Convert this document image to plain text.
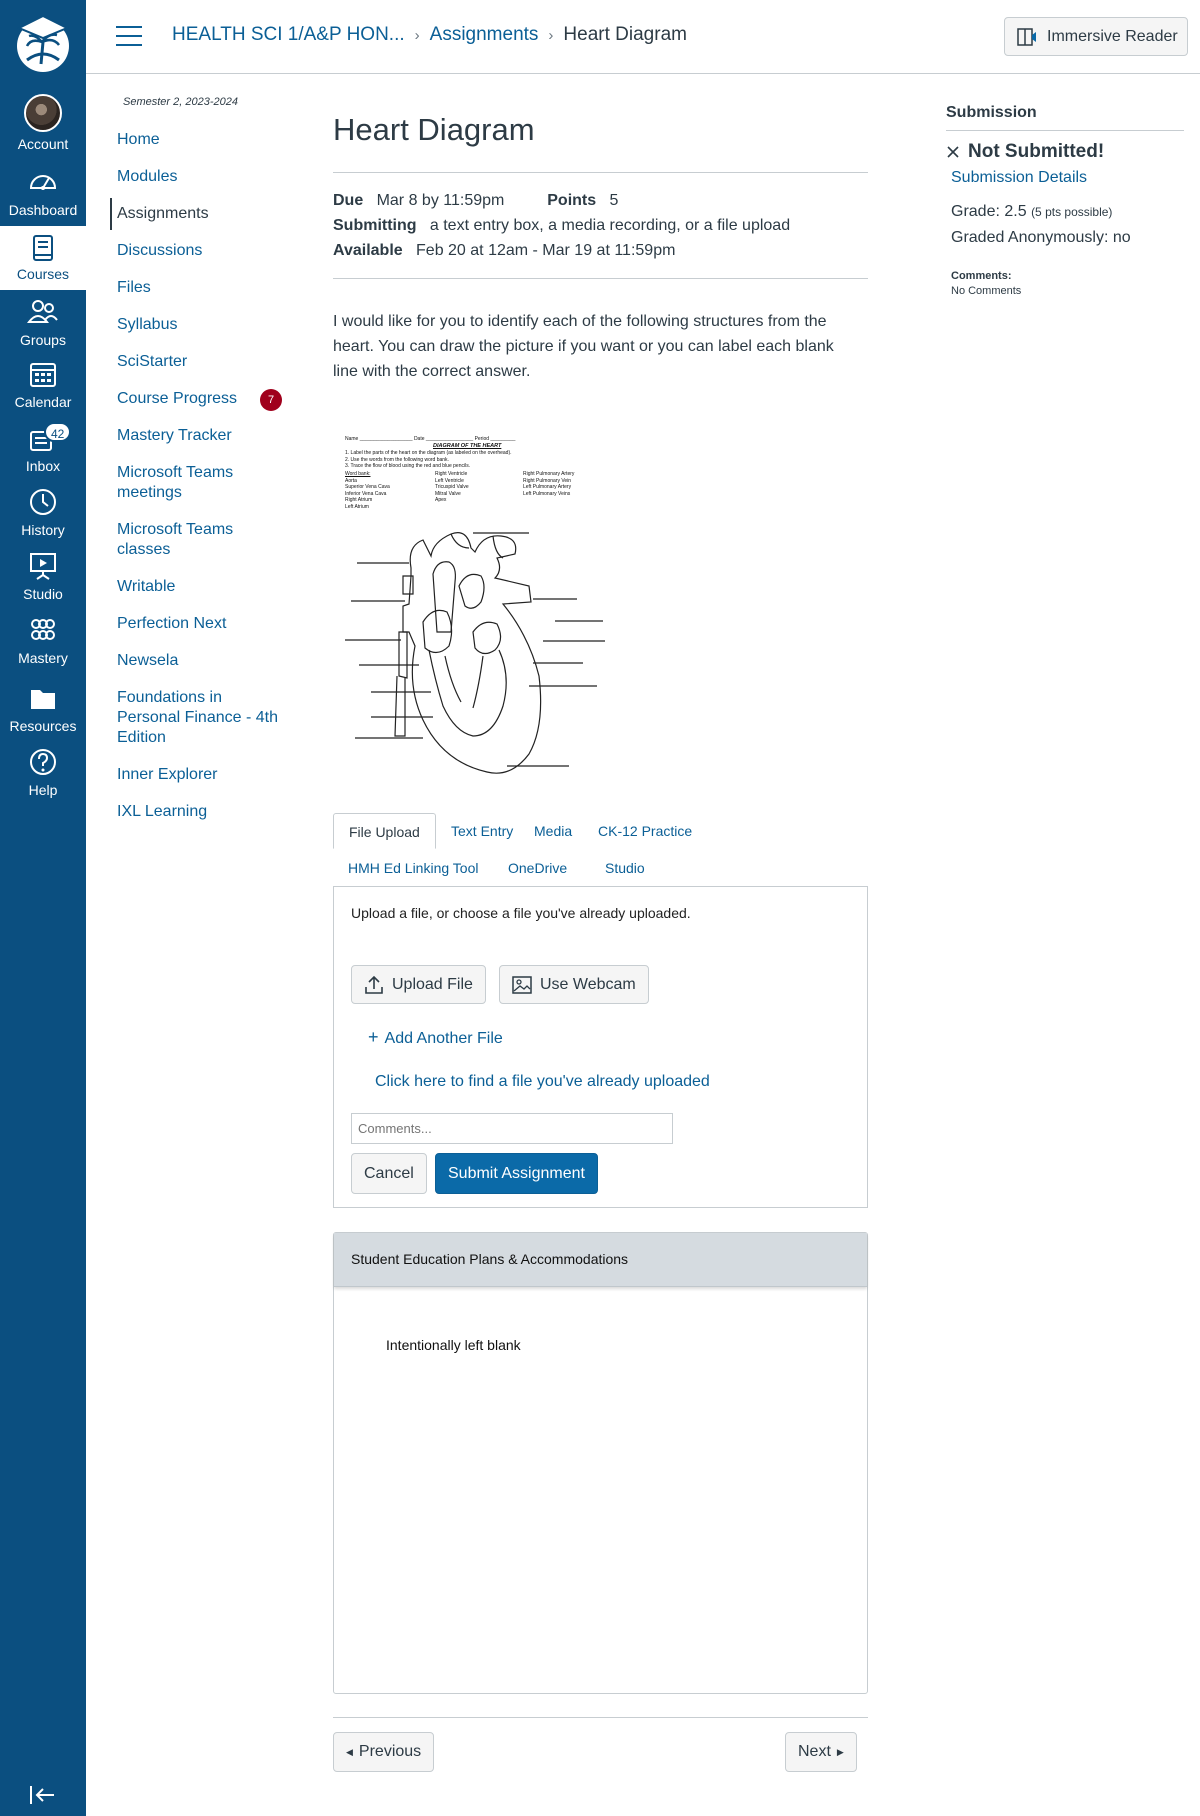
Account
Dashboard
Courses
Groups
Calendar
42
Inbox
History
Studio
Mastery
Resources
Help
HEALTH SCI 1/A&P HON... › Assignments › Heart Diagram	Immersive Reader
Semester 2, 2023-2024
Home
Modules
Assignments
Discussions
Files
Syllabus
SciStarter
Course Progress	7
Mastery Tracker
Microsoft Teams meetings
Microsoft Teams classes
Writable
Perfection Next
Newsela
Foundations in Personal Finance - 4th Edition
Inner Explorer
IXL Learning
Heart Diagram
Due Mar 8 by 11:59pm	Points 5
Submitting a text entry box, a media recording, or a file upload
Available Feb 20 at 12am - Mar 19 at 11:59pm

I would like for you to identify each of the following structures from the heart. You can draw the picture if you want or you can label each blank line with the correct answer.

Name ___________________ Date _________________ Period _________
DIAGRAM OF THE HEART
1. Label the parts of the heart on the diagram (as labeled on the overhead).
2. Use the words from the following word bank.
3. Trace the flow of blood using the red and blue pencils.
Word bank:
Aorta
Superior Vena Cava
Inferior Vena Cava
Right Atrium
Left Atrium
Right Ventricle
Left Ventricle
Tricuspid Valve
Mitral Valve
Apex
Right Pulmonary Artery
Right Pulmonary Vein
Left Pulmonary Artery
Left Pulmonary Veins
File Upload	Text Entry	Media	CK-12 Practice
HMH Ed Linking Tool	OneDrive	Studio

Upload a file, or choose a file you've already uploaded.

Upload File	Use Webcam
+ Add Another File
Click here to find a file you've already uploaded
Comments...
Cancel	Submit Assignment
Student Education Plans & Accommodations
Intentionally left blank
◀ Previous	Next ▶
Submission
Not Submitted!
Submission Details
Grade: 2.5 (5 pts possible)
Graded Anonymously: no
Comments:
No Comments
